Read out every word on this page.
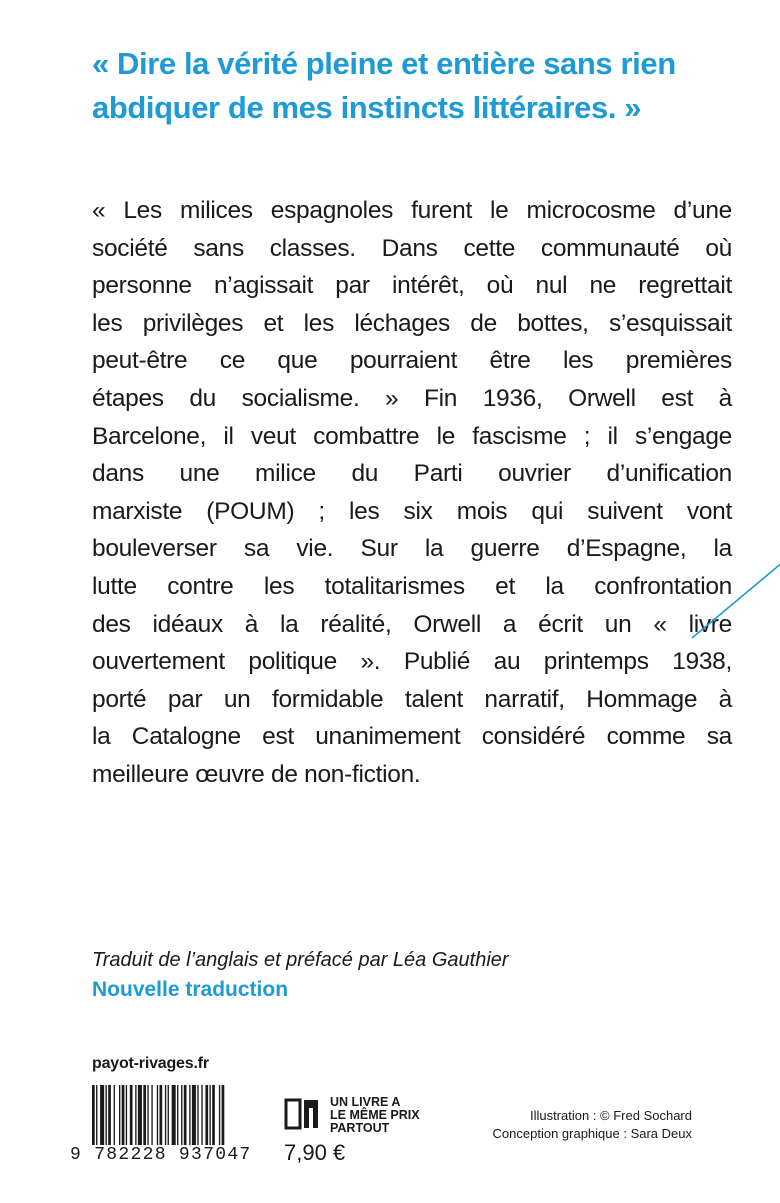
« Dire la vérité pleine et entière sans rien
abdiquer de mes instincts littéraires. »
« Les milices espagnoles furent le microcosme d’une
société sans classes. Dans cette communauté où
personne n’agissait par intérêt, où nul ne regrettait
les privilèges et les léchages de bottes, s’esquissait
peut-être ce que pourraient être les premières
étapes du socialisme. » Fin 1936, Orwell est à
Barcelone, il veut combattre le fascisme ; il s’engage
dans une milice du Parti ouvrier d’unification
marxiste (POUM) ; les six mois qui suivent vont
bouleverser sa vie. Sur la guerre d’Espagne, la
lutte contre les totalitarismes et la confrontation
des idéaux à la réalité, Orwell a écrit un « livre
ouvertement politique ». Publié au printemps 1938,
porté par un formidable talent narratif, Hommage à
la Catalogne est unanimement considéré comme sa
meilleure œuvre de non-fiction.
Traduit de l’anglais et préfacé par Léa Gauthier
Nouvelle traduction
payot-rivages.fr
9 782228 937047
UN LIVRE A
LE MÊME PRIX
PARTOUT
7,90 €
Illustration : © Fred Sochard
Conception graphique : Sara Deux
